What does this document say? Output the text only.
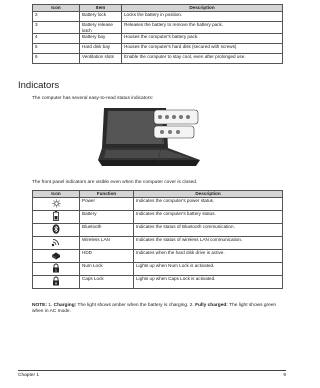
Icon	Item	Description
2	Battery lock	Locks the battery in position.
3	Battery release latch	Releases the battery to remove the battery pack.
4	Battery bay	Houses the computer's battery pack.
5	Hard disk bay	Houses the computer's hard disk (secured with screws)
6	Ventilation slots	Enable the computer to stay cool, even after prolonged use.
Indicators

The computer has several easy-to-read status indicators:

The front panel indicators are visible even when the computer cover is closed.

Icon	Function	Description
	Power	Indicates the computer's power status.
	Battery	Indicates the computer's battery status.
	Bluetooth	Indicates the status of Bluetooth communication.
	Wireless LAN	Indicates the status of wireless LAN communication.
	HDD	Indicates when the hard disk drive is active.

1	Num Lock	Lights up when Num Lock is activated.

A	Caps Lock	Lights up when Caps Lock is activated.

NOTE: 1. Charging: The light shows amber when the battery is charging. 2. Fully charged: The light shows green when in AC mode.

Chapter 1	9
